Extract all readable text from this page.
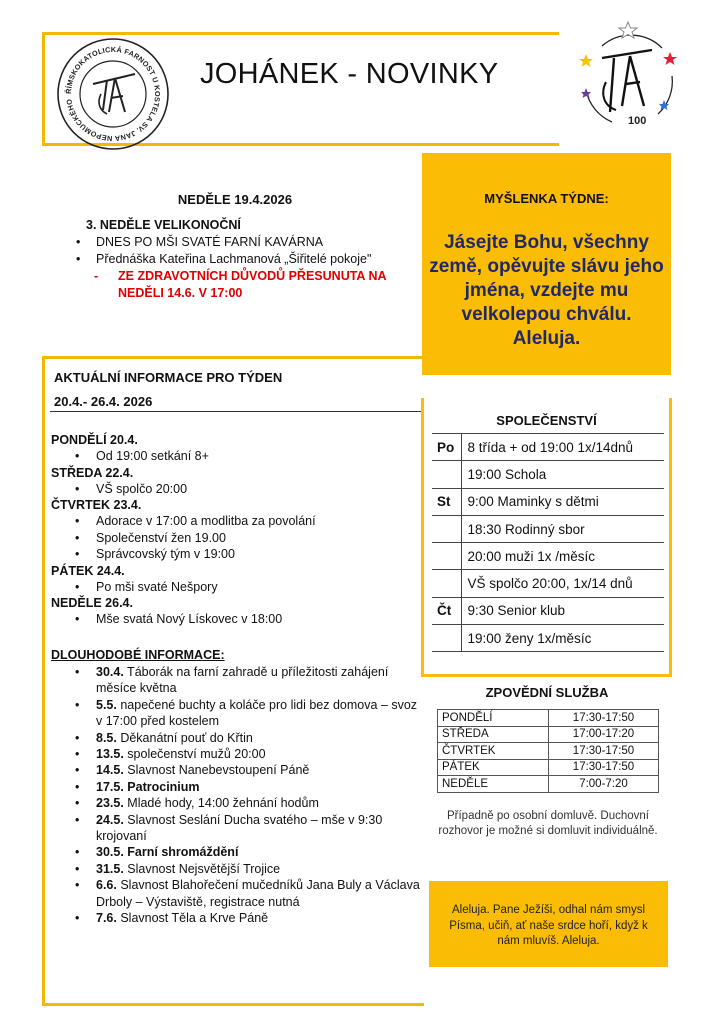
ŘÍMSKOKATOLICKÁ FARNOST U KOSTELA SV. JANA NEPOMUCKÉHO
JOHÁNEK - NOVINKY
100
NEDĚLE 19.4.2026
3. NEDĚLE VELIKONOČNÍ
• DNES PO MŠI SVATÉ FARNÍ KAVÁRNA
• Přednáška Kateřina Lachmanová „Šiřitelé pokoje"
- ZE ZDRAVOTNÍCH DŮVODŮ PŘESUNUTA NA NEDĚLI 14.6. V 17:00
MYŠLENKA TÝDNE:
Jásejte Bohu, všechny země, opěvujte slávu jeho jména, vzdejte mu velkolepou chválu. Aleluja.
AKTUÁLNÍ INFORMACE PRO TÝDEN
20.4.- 26.4. 2026
PONDĚLÍ 20.4.
• Od 19:00 setkání 8+
STŘEDA 22.4.
• VŠ spolčo 20:00
ČTVRTEK 23.4.
• Adorace v 17:00 a modlitba za povolání
• Společenství žen 19.00
• Správcovský tým v 19:00
PÁTEK 24.4.
• Po mši svaté Nešpory
NEDĚLE 26.4.
• Mše svatá Nový Lískovec v 18:00
DLOUHODOBÉ INFORMACE:
• 30.4. Táborák na farní zahradě u příležitosti zahájení měsíce května
• 5.5. napečené buchty a koláče pro lidi bez domova – svoz v 17:00 před kostelem
• 8.5. Děkanátní pouť do Křtin
• 13.5. společenství mužů 20:00
• 14.5. Slavnost Nanebevstoupení Páně
• 17.5. Patrocinium
• 23.5. Mladé hody, 14:00 žehnání hodům
• 24.5. Slavnost Seslání Ducha svatého – mše v 9:30 krojovaní
• 30.5. Farní shromáždění
• 31.5. Slavnost Nejsvětější Trojice
• 6.6. Slavnost Blahořečení mučedníků Jana Buly a Václava Drboly – Výstaviště, registrace nutná
• 7.6. Slavnost Těla a Krve Páně
SPOLEČENSTVÍ
Po	8 třída + od 19:00 1x/14dnů
	19:00 Schola
St	9:00 Maminky s dětmi
	18:30 Rodinný sbor
	20:00 muži 1x /měsíc
	VŠ spolčo 20:00, 1x/14 dnů
Čt	9:30 Senior klub
	19:00 ženy 1x/měsíc
ZPOVĚDNÍ SLUŽBA
PONDĚLÍ	17:30-17:50
STŘEDA	17:00-17:20
ČTVRTEK	17:30-17:50
PÁTEK	17:30-17:50
NEDĚLE	7:00-7:20
Případně po osobní domluvě. Duchovní rozhovor je možné si domluvit individuálně.
Aleluja. Pane Ježíši, odhal nám smysl Písma, učiň, ať naše srdce hoří, když k nám mluvíš. Aleluja.
